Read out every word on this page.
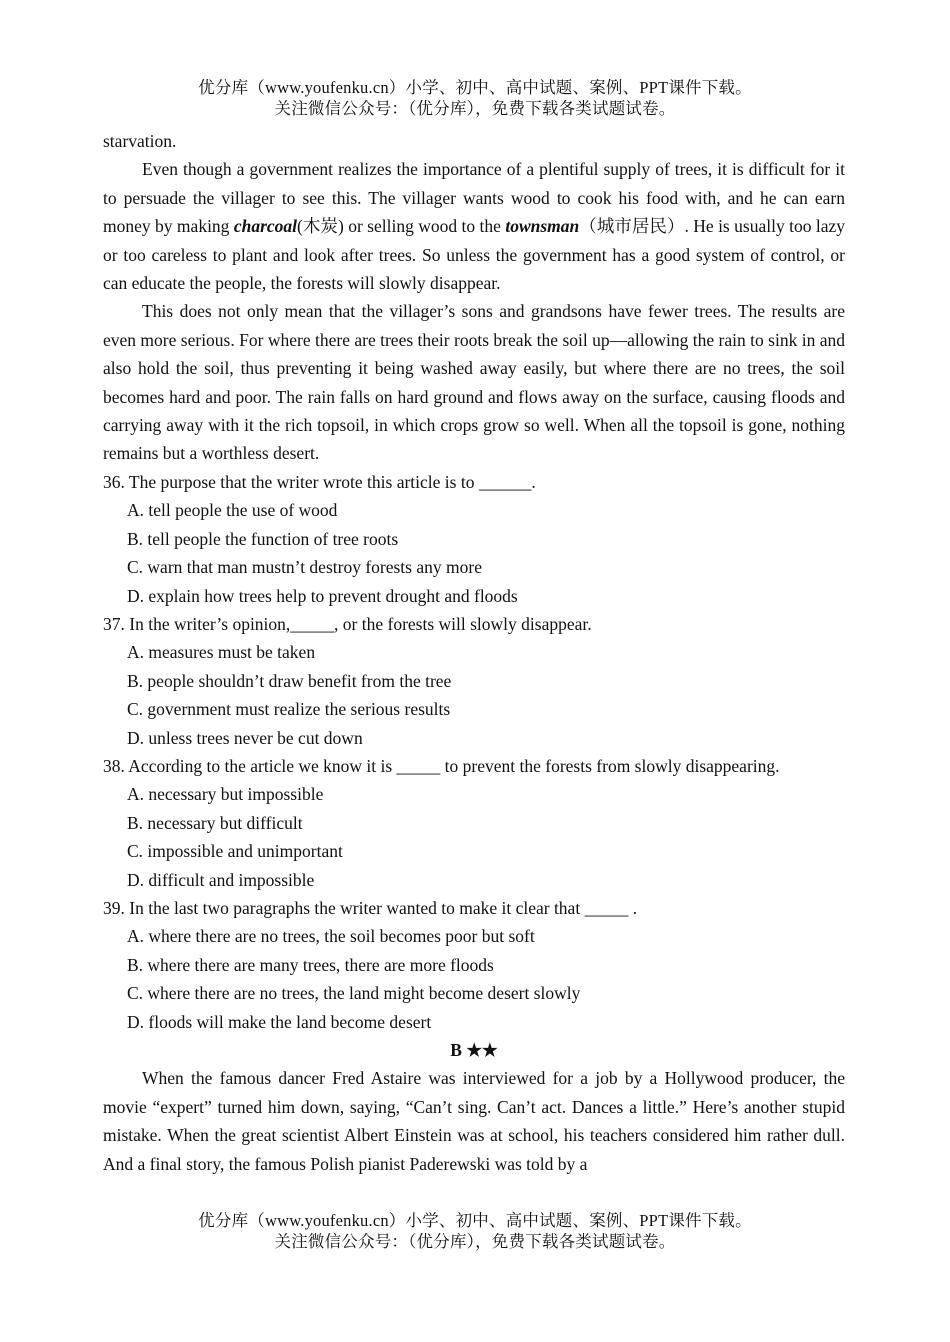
优分库（www.youfenku.cn）小学、初中、高中试题、案例、PPT课件下载。
关注微信公众号：（优分库），免费下载各类试题试卷。

starvation.

Even though a government realizes the importance of a plentiful supply of trees, it is difficult for it to persuade the villager to see this. The villager wants wood to cook his food with, and he can earn money by making charcoal(木炭) or selling wood to the townsman（城市居民）. He is usually too lazy or too careless to plant and look after trees. So unless the government has a good system of control, or can educate the people, the forests will slowly disappear.

This does not only mean that the villager’s sons and grandsons have fewer trees. The results are even more serious. For where there are trees their roots break the soil up—allowing the rain to sink in and also hold the soil, thus preventing it being washed away easily, but where there are no trees, the soil becomes hard and poor. The rain falls on hard ground and flows away on the surface, causing floods and carrying away with it the rich topsoil, in which crops grow so well. When all the topsoil is gone, nothing remains but a worthless desert.

36. The purpose that the writer wrote this article is to ______.

A. tell people the use of wood

B. tell people the function of tree roots

C. warn that man mustn’t destroy forests any more

D. explain how trees help to prevent drought and floods

37. In the writer’s opinion,_____, or the forests will slowly disappear.

A. measures must be taken

B. people shouldn’t draw benefit from the tree

C. government must realize the serious results

D. unless trees never be cut down

38. According to the article we know it is _____ to prevent the forests from slowly disappearing.

A. necessary but impossible

B. necessary but difficult

C. impossible and unimportant

D. difficult and impossible

39. In the last two paragraphs the writer wanted to make it clear that _____ .

A. where there are no trees, the soil becomes poor but soft

B. where there are many trees, there are more floods

C. where there are no trees, the land might become desert slowly

D. floods will make the land become desert

B ★★

When the famous dancer Fred Astaire was interviewed for a job by a Hollywood producer, the movie “expert” turned him down, saying, “Can’t sing. Can’t act. Dances a little.” Here’s another stupid mistake. When the great scientist Albert Einstein was at school, his teachers considered him rather dull. And a final story, the famous Polish pianist Paderewski was told by a

优分库（www.youfenku.cn）小学、初中、高中试题、案例、PPT课件下载。
关注微信公众号：（优分库），免费下载各类试题试卷。
